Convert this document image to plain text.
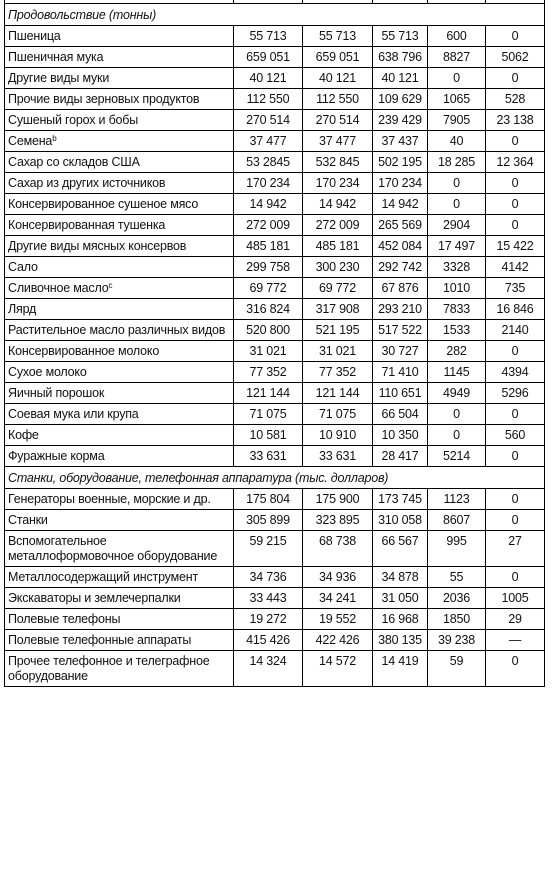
Продовольствие (тонны)					
Пшеница	55 713	55 713	55 713	600	0
Пшеничная мука	659 051	659 051	638 796	8827	5062
Другие виды муки	40 121	40 121	40 121	0	0
Прочие виды зерновых продуктов	112 550	112 550	109 629	1065	528
Сушеный горох и бобы	270 514	270 514	239 429	7905	23 138
Семена$^b$	37 477	37 477	37 437	40	0
Сахар со складов США	53 2845	532 845	502 195	18 285	12 364
Сахар из других источников	170 234	170 234	170 234	0	0
Консервированное сушеное мясо	14 942	14 942	14 942	0	0
Консервированная тушенка	272 009	272 009	265 569	2904	0
Другие виды мясных консервов	485 181	485 181	452 084	17 497	15 422
Сало	299 758	300 230	292 742	3328	4142
Сливочное масло$^c$	69 772	69 772	67 876	1010	735
Лярд	316 824	317 908	293 210	7833	16 846
Растительное масло различных видов	520 800	521 195	517 522	1533	2140
Консервированное молоко	31 021	31 021	30 727	282	0
Сухое молоко	77 352	77 352	71 410	1145	4394
Яичный порошок	121 144	121 144	110 651	4949	5296
Соевая мука или крупа	71 075	71 075	66 504	0	0
Кофе	10 581	10 910	10 350	0	560
Фуражные корма	33 631	33 631	28 417	5214	0
Станки, оборудование, телефонная аппаратура (тыс. долларов)					
Генераторы военные, морские и др.	175 804	175 900	173 745	1123	0
Станки	305 899	323 895	310 058	8607	0
Вспомогательное металлоформовочное оборудование	59 215	68 738	66 567	995	27
Металлосодержащий инструмент	34 736	34 936	34 878	55	0
Экскаваторы и землечерпалки	33 443	34 241	31 050	2036	1005
Полевые телефоны	19 272	19 552	16 968	1850	29
Полевые телефонные аппараты	415 426	422 426	380 135	39 238	—
Прочее телефонное и телеграфное оборудование	14 324	14 572	14 419	59	0
